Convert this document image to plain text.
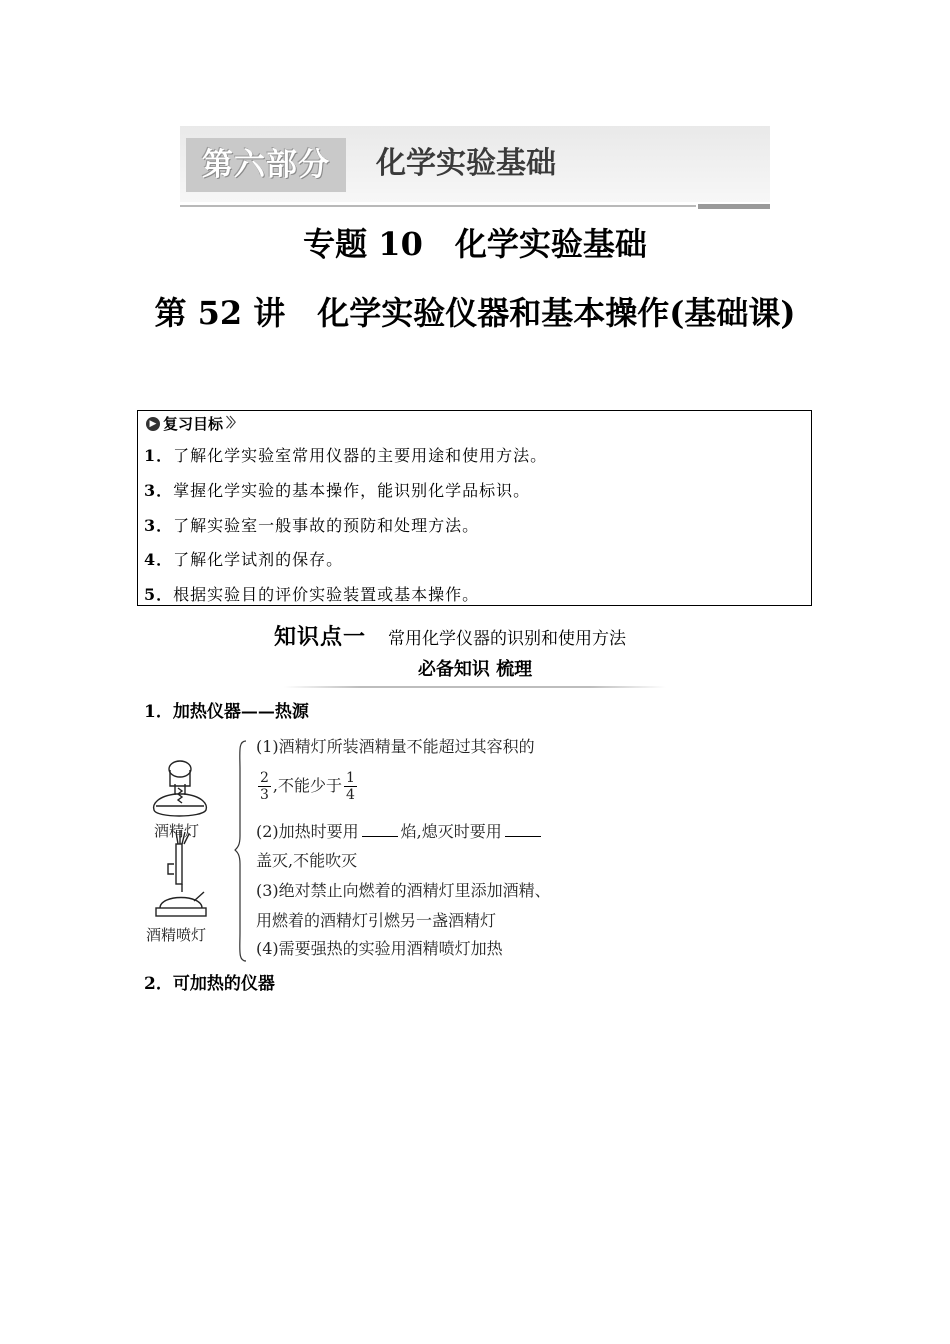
第六部分	化学实验基础
专题 10　化学实验基础
第 52 讲　化学实验仪器和基本操作(基础课)
▶ 复习目标 〉〉
1．了解化学实验室常用仪器的主要用途和使用方法。
3．掌握化学实验的基本操作，能识别化学品标识。
3．了解实验室一般事故的预防和处理方法。
4．了解化学试剂的保存。
5．根据实验目的评价实验装置或基本操作。
知识点一 常用化学仪器的识别和使用方法
必备知识 梳理
1．加热仪器——热源
酒精灯
酒精喷灯
(1)酒精灯所装酒精量不能超过其容积的
$\frac{2}{3}$ ,不能少于 $\frac{1}{4}$
(2)加热时要用	焰,熄灭时要用
盖灭,不能吹灭
(3)绝对禁止向燃着的酒精灯里添加酒精、
用燃着的酒精灯引燃另一盏酒精灯
(4)需要强热的实验用酒精喷灯加热
2．可加热的仪器
